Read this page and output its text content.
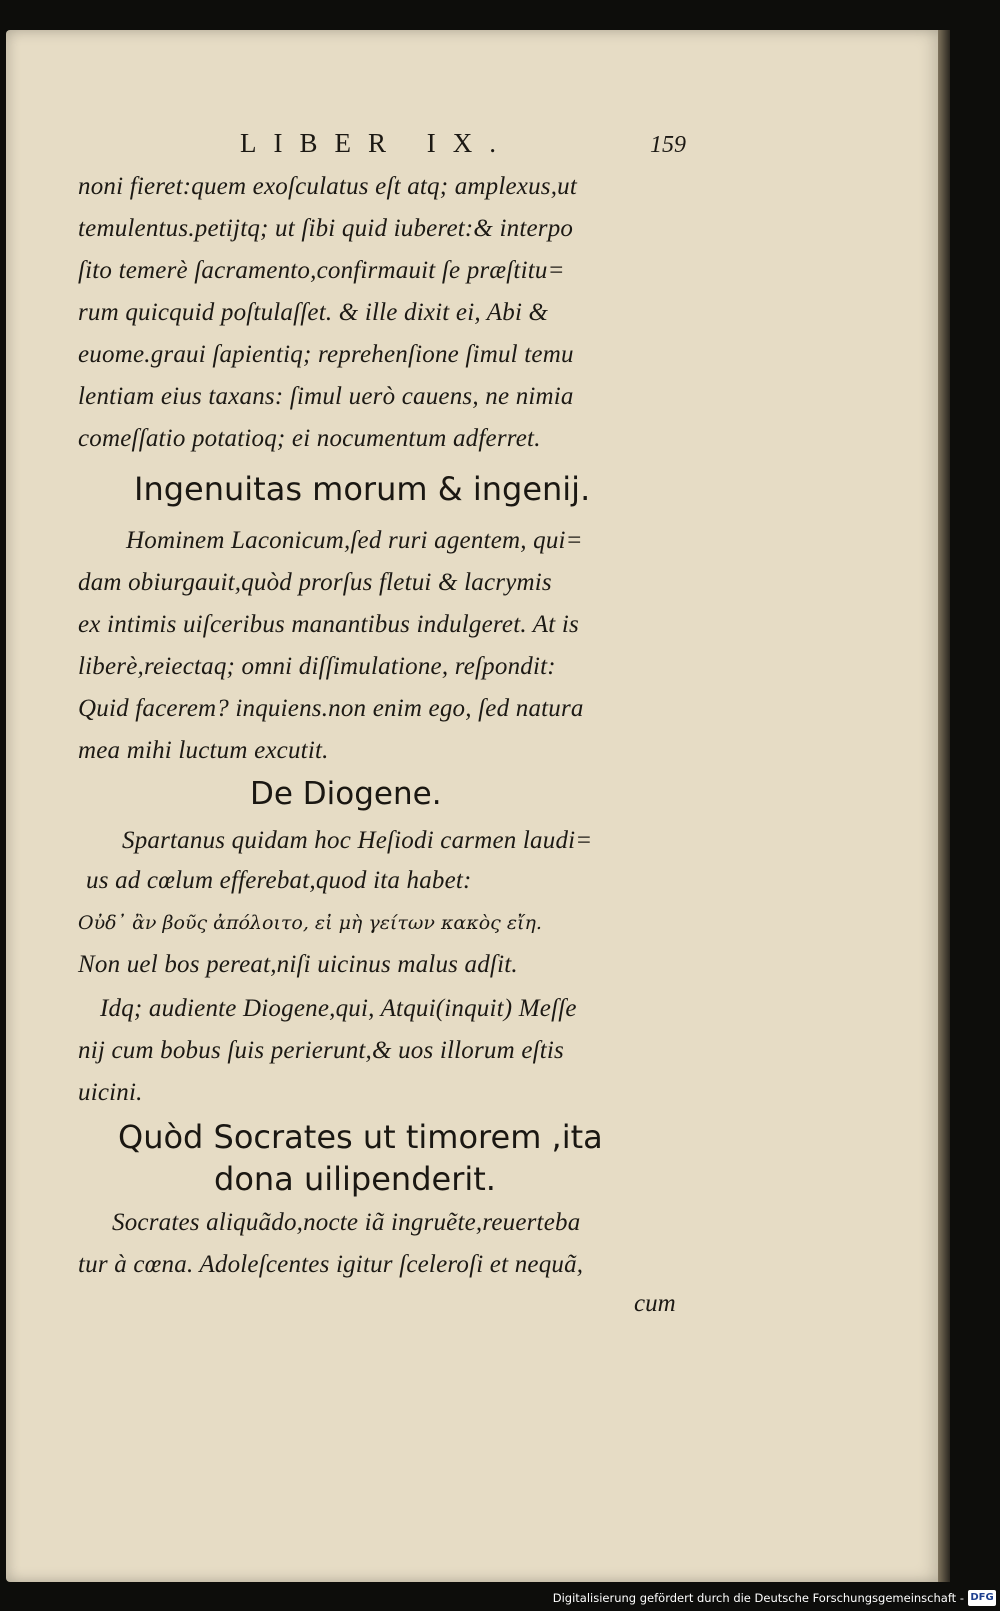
LIBER IX.	159
noni fieret:quem exoſculatus eſt atq; amplexus,ut
temulentus.petijtq; ut ſibi quid iuberet:& interpo
ſito temerè ſacramento,confirmauit ſe præſtitu=
rum quicquid poſtulaſſet. & ille dixit ei, Abi &
euome.graui ſapientiq; reprehenſione ſimul temu
lentiam eius taxans: ſimul uerò cauens, ne nimia
comeſſatio potatioq; ei nocumentum adferret.
Ingenuitas morum & ingenij.
Hominem Laconicum,ſed ruri agentem, qui=
dam obiurgauit,quòd prorſus fletui & lacrymis
ex intimis uiſceribus manantibus indulgeret. At is
liberè,reiectaq; omni diſſimulatione, reſpondit:
Quid facerem? inquiens.non enim ego, ſed natura
mea mihi luctum excutit.
De Diogene.
Spartanus quidam hoc Heſiodi carmen laudi=
us ad cœlum efferebat,quod ita habet:
Οὐδ᾽ ἂν βοῦς ἀπόλοιτο, εἰ μὴ γείτων κακὸς εἴη.
Non uel bos pereat,niſi uicinus malus adſit.
Idq; audiente Diogene,qui, Atqui(inquit) Meſſe
nij cum bobus ſuis perierunt,& uos illorum eſtis
uicini.
Quòd Socrates ut timorem ,ita
dona uilipenderit.
Socrates aliquãdo,nocte iã ingruẽte,reuerteba
tur à cœna. Adoleſcentes igitur ſceleroſi et nequã,
cum
Digitalisierung gefördert durch die Deutsche Forschungsgemeinschaft - DFG
